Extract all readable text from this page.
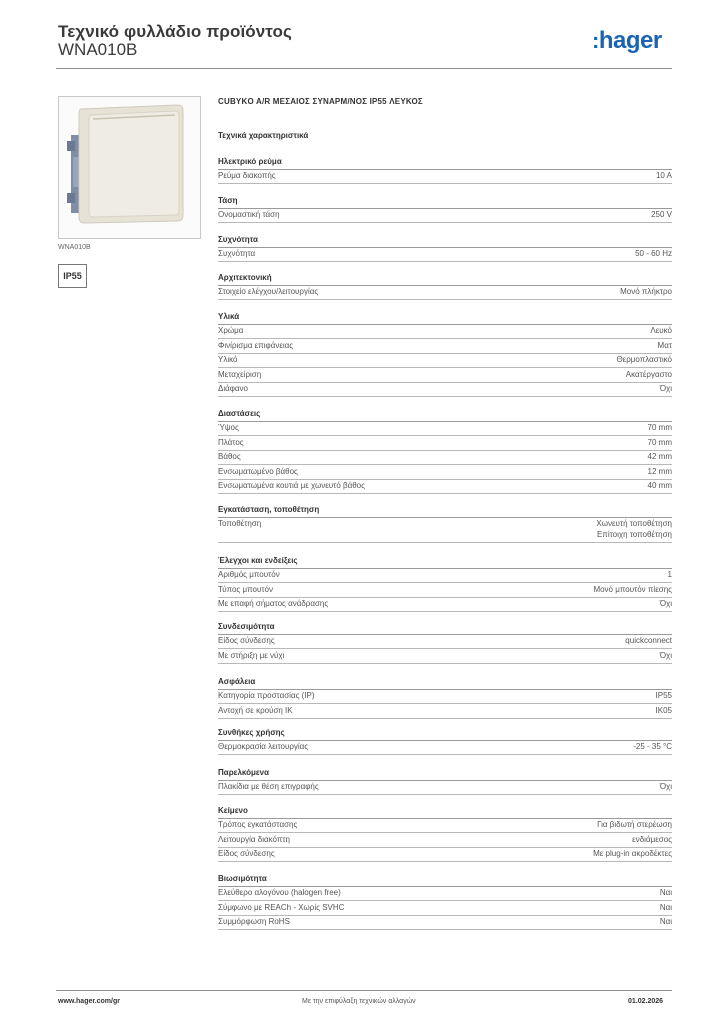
Τεχνικό φυλλάδιο προϊόντος
WNA010B	:hager
WNA010B
IP55
CUBYKO A/R ΜΕΣΑΙΟΣ ΣΥΝΑΡΜ/ΝΟΣ IP55 ΛΕΥΚΟΣ
Τεχνικά χαρακτηριστικά
Ηλεκτρικό ρεύμα
Ρεύμα διακοπής	10 A
Τάση
Ονομαστική τάση	250 V
Συχνότητα
Συχνότητα	50 - 60 Hz
Αρχιτεκτονική
Στοιχείο ελέγχου/λειτουργίας	Μονό πλήκτρο
Υλικά
Χρώμα	Λευκό
Φινίρισμα επιφάνειας	Ματ
Υλικό	Θερμοπλαστικό
Μεταχείριση	Ακατέργαστο
Διάφανο	Όχι
Διαστάσεις
Ύψος	70 mm
Πλάτος	70 mm
Βάθος	42 mm
Ενσωματωμένο βάθος	12 mm
Ενσωματωμένα κουτιά με χωνευτό βάθος	40 mm
Εγκατάσταση, τοποθέτηση
Τοποθέτηση	Χωνευτή τοποθέτηση
Επίτοιχη τοποθέτηση
Έλεγχοι και ενδείξεις
Αριθμός μπουτόν	1
Τύπος μπουτόν	Μονό μπουτόν πίεσης
Με επαφή σήματος ανάδρασης	Όχι
Συνδεσιμότητα
Είδος σύνδεσης	quickconnect
Με στήριξη με νύχι	Όχι
Ασφάλεια
Κατηγορία προστασίας (IP)	IP55
Αντοχή σε κρούση IK	IK05
Συνθήκες χρήσης
Θερμοκρασία λειτουργίας	-25 - 35 °C
Παρελκόμενα
Πλακίδια με θέση επιγραφής	Όχι
Κείμενο
Τρόπος εγκατάστασης	Για βιδωτή στερέωση
Λειτουργία διακόπτη	ενδιάμεσος
Είδος σύνδεσης	Με plug-in ακροδέκτες
Βιωσιμότητα
Ελεύθερο αλογόνου (halogen free)	Ναι
Σύμφωνο με REACh - Χωρίς SVHC	Ναι
Συμμόρφωση RoHS	Ναι
www.hager.com/gr	Με την επιφύλαξη τεχνικών αλλαγών	01.02.2026
